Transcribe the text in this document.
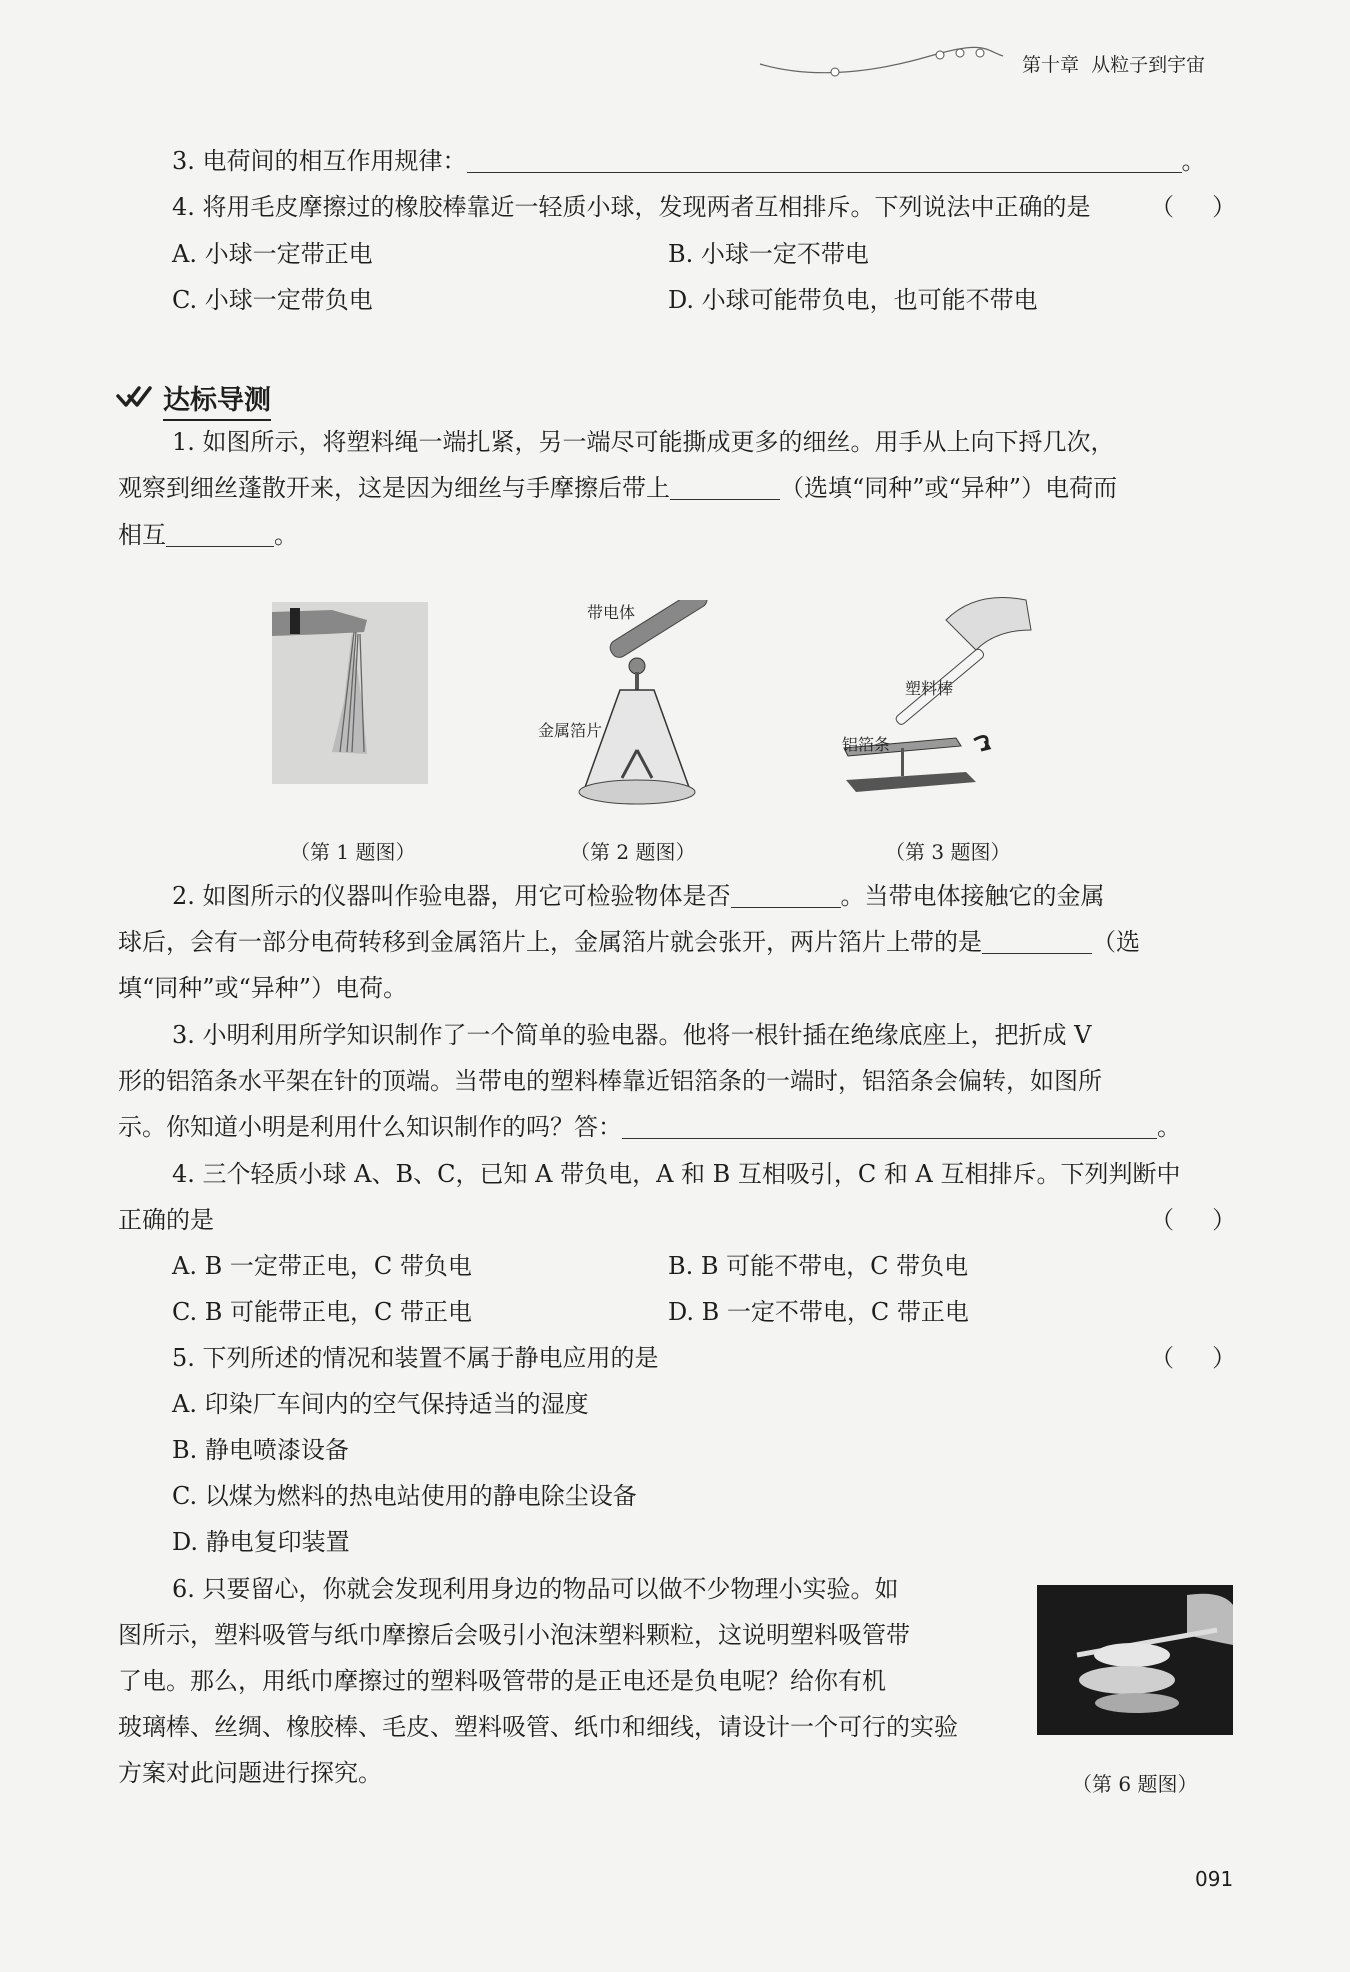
第十章 从粒子到宇宙
3. 电荷间的相互作用规律：	。
4. 将用毛皮摩擦过的橡胶棒靠近一轻质小球，发现两者互相排斥。下列说法中正确的是 （ ）
A. 小球一定带正电	B. 小球一定不带电
C. 小球一定带负电	D. 小球可能带负电，也可能不带电
达标导测
1. 如图所示，将塑料绳一端扎紧，另一端尽可能撕成更多的细丝。用手从上向下捋几次，
观察到细丝蓬散开来，这是因为细丝与手摩擦后带上	（选填“同种”或“异种”）电荷而
相互	。
（第 1 题图）
带电体
金属箔片
（第 2 题图）
塑料棒
铝箔条
（第 3 题图）
2. 如图所示的仪器叫作验电器，用它可检验物体是否	。当带电体接触它的金属
球后，会有一部分电荷转移到金属箔片上，金属箔片就会张开，两片箔片上带的是	（选
填“同种”或“异种”）电荷。
3. 小明利用所学知识制作了一个简单的验电器。他将一根针插在绝缘底座上，把折成 V
形的铝箔条水平架在针的顶端。当带电的塑料棒靠近铝箔条的一端时，铝箔条会偏转，如图所
示。你知道小明是利用什么知识制作的吗？答：	。
4. 三个轻质小球 A、B、C，已知 A 带负电，A 和 B 互相吸引，C 和 A 互相排斥。下列判断中
正确的是	（ ）
A. B 一定带正电，C 带负电	B. B 可能不带电，C 带负电
C. B 可能带正电，C 带正电	D. B 一定不带电，C 带正电
5. 下列所述的情况和装置不属于静电应用的是	（ ）
A. 印染厂车间内的空气保持适当的湿度
B. 静电喷漆设备
C. 以煤为燃料的热电站使用的静电除尘设备
D. 静电复印装置
6. 只要留心，你就会发现利用身边的物品可以做不少物理小实验。如
图所示，塑料吸管与纸巾摩擦后会吸引小泡沫塑料颗粒，这说明塑料吸管带
了电。那么，用纸巾摩擦过的塑料吸管带的是正电还是负电呢？给你有机
玻璃棒、丝绸、橡胶棒、毛皮、塑料吸管、纸巾和细线，请设计一个可行的实验
方案对此问题进行探究。	（第 6 题图）
091
